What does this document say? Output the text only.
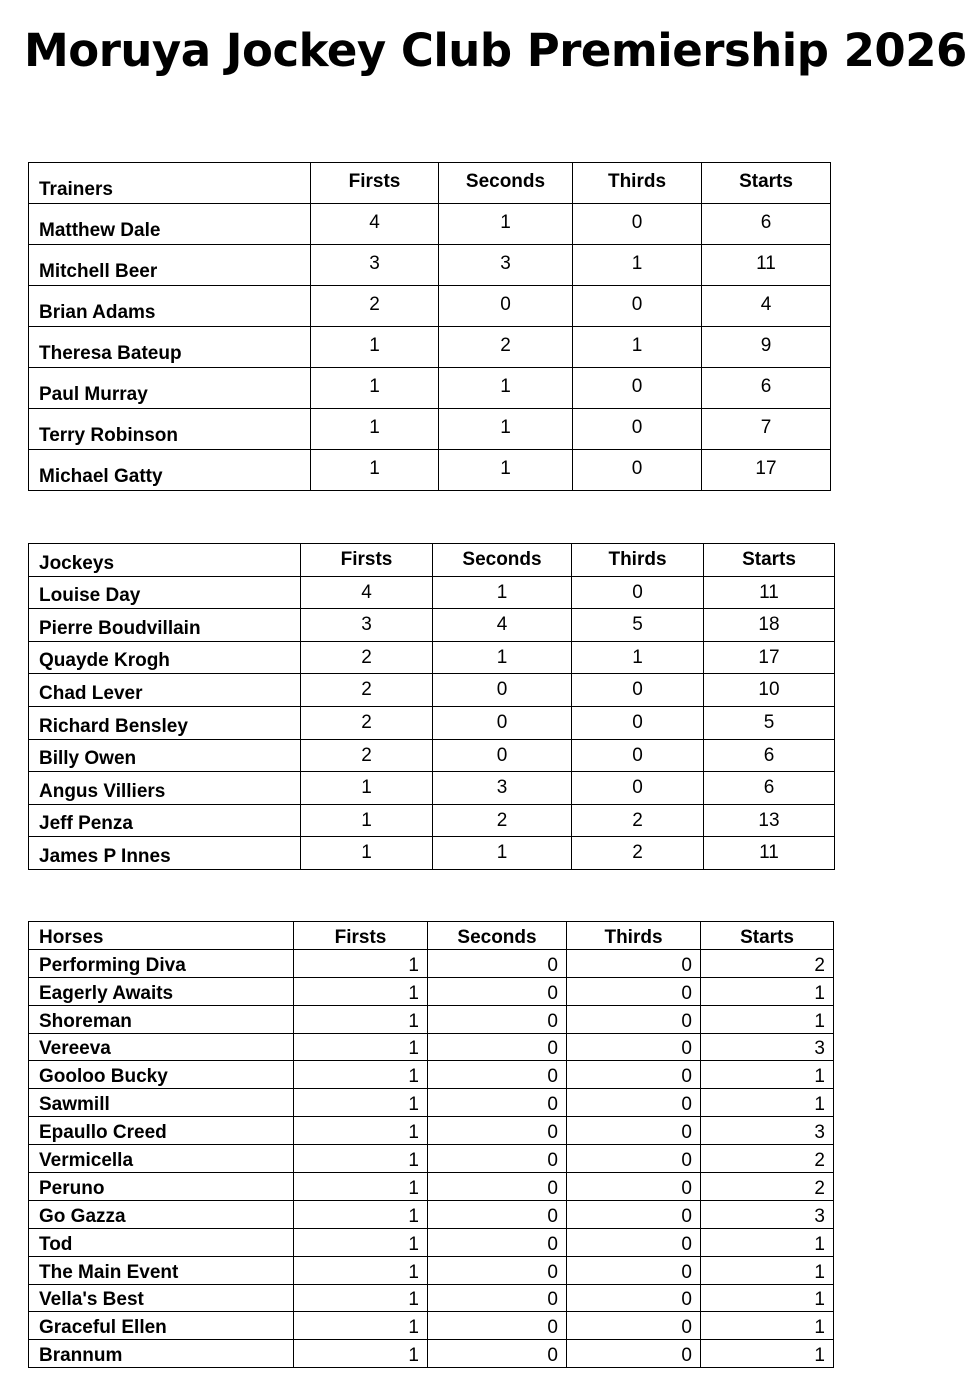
Moruya Jockey Club Premiership 2026
Trainers	Firsts	Seconds	Thirds	Starts
Matthew Dale	4	1	0	6
Mitchell Beer	3	3	1	11
Brian Adams	2	0	0	4
Theresa Bateup	1	2	1	9
Paul Murray	1	1	0	6
Terry Robinson	1	1	0	7
Michael Gatty	1	1	0	17
Jockeys	Firsts	Seconds	Thirds	Starts
Louise Day	4	1	0	11
Pierre Boudvillain	3	4	5	18
Quayde Krogh	2	1	1	17
Chad Lever	2	0	0	10
Richard Bensley	2	0	0	5
Billy Owen	2	0	0	6
Angus Villiers	1	3	0	6
Jeff Penza	1	2	2	13
James P Innes	1	1	2	11
Horses	Firsts	Seconds	Thirds	Starts
Performing Diva	1	0	0	2
Eagerly Awaits	1	0	0	1
Shoreman	1	0	0	1
Vereeva	1	0	0	3
Gooloo Bucky	1	0	0	1
Sawmill	1	0	0	1
Epaullo Creed	1	0	0	3
Vermicella	1	0	0	2
Peruno	1	0	0	2
Go Gazza	1	0	0	3
Tod	1	0	0	1
The Main Event	1	0	0	1
Vella's Best	1	0	0	1
Graceful Ellen	1	0	0	1
Brannum	1	0	0	1
